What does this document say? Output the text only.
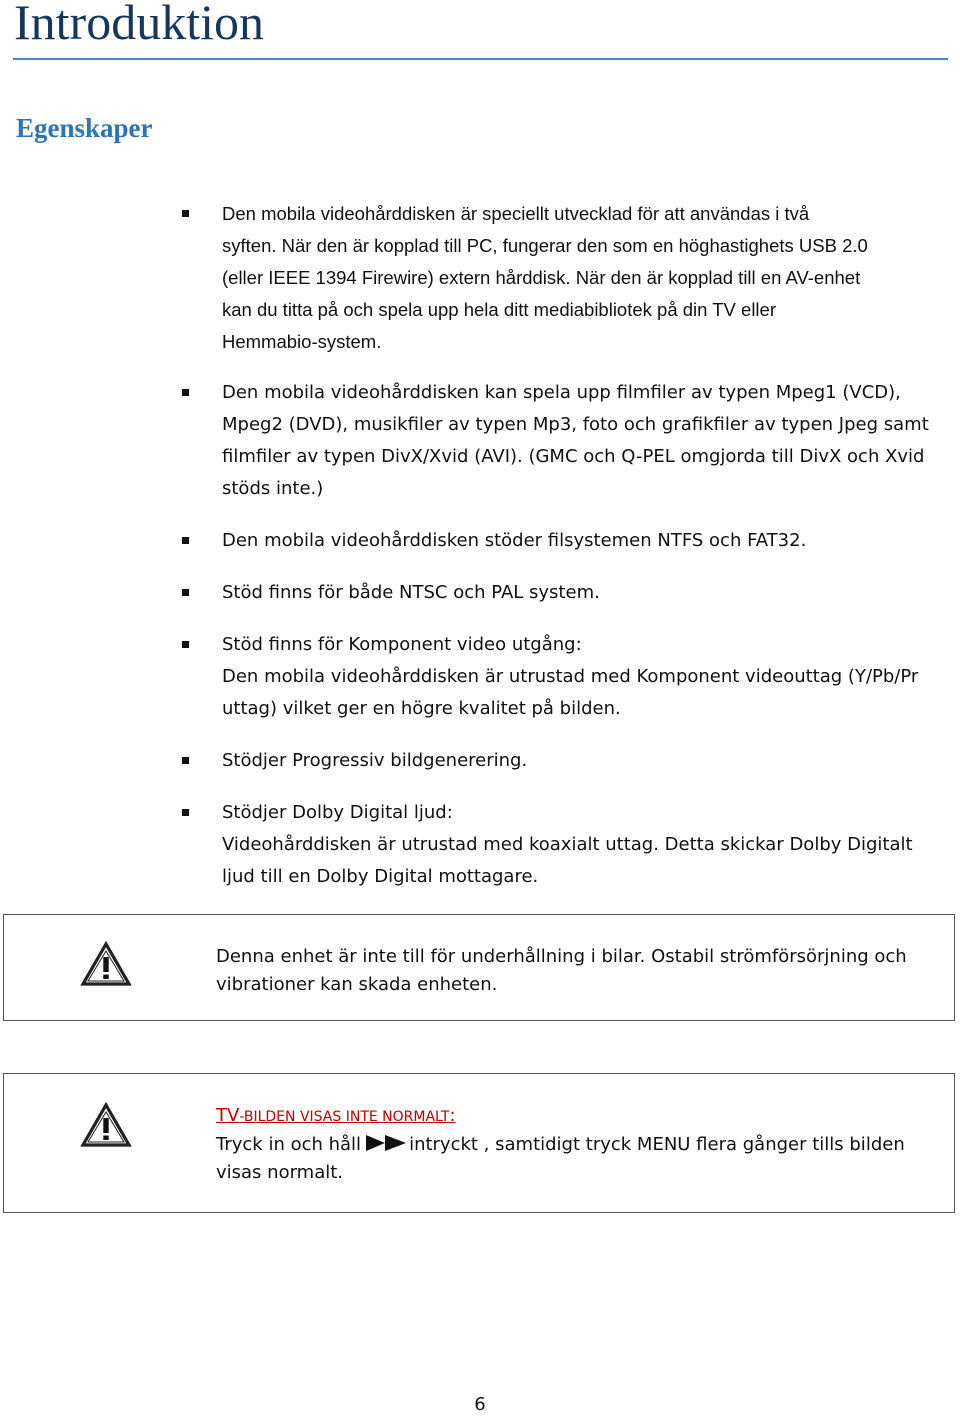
Introduktion
Egenskaper
Den mobila videohårddisken är speciellt utvecklad för att användas i två
syften. När den är kopplad till PC, fungerar den som en höghastighets USB 2.0
(eller IEEE 1394 Firewire) extern hårddisk. När den är kopplad till en AV-enhet
kan du titta på och spela upp hela ditt mediabibliotek på din TV eller
Hemmabio-system.
Den mobila videohårddisken kan spela upp filmfiler av typen Mpeg1 (VCD),
Mpeg2 (DVD), musikfiler av typen Mp3, foto och grafikfiler av typen Jpeg samt
filmfiler av typen DivX/Xvid (AVI). (GMC och Q-PEL omgjorda till DivX och Xvid
stöds inte.)
Den mobila videohårddisken stöder filsystemen NTFS och FAT32.
Stöd finns för både NTSC och PAL system.
Stöd finns för Komponent video utgång:
Den mobila videohårddisken är utrustad med Komponent videouttag (Y/Pb/Pr
uttag) vilket ger en högre kvalitet på bilden.
Stödjer Progressiv bildgenerering.
Stödjer Dolby Digital ljud:
Videohårddisken är utrustad med koaxialt uttag. Detta skickar Dolby Digitalt
ljud till en Dolby Digital mottagare.
Denna enhet är inte till för underhållning i bilar. Ostabil strömförsörjning och
vibrationer kan skada enheten.
TV-BILDEN VISAS INTE NORMALT:
Tryck in och håll	intryckt , samtidigt tryck MENU flera gånger tills bilden
visas normalt.
6
